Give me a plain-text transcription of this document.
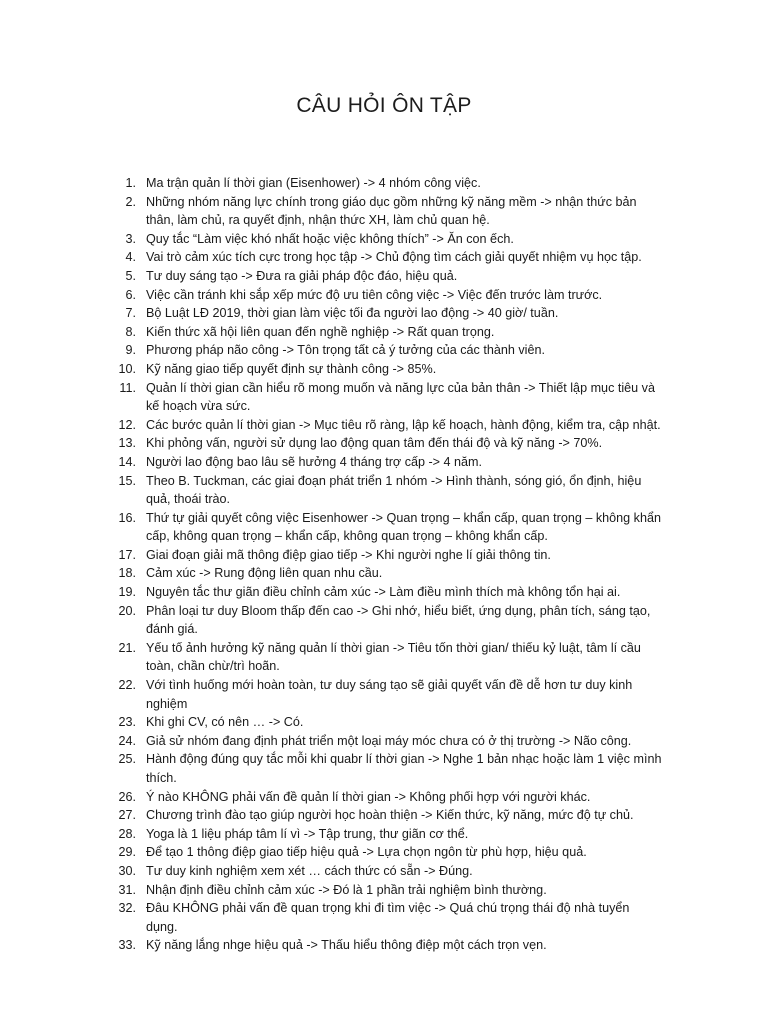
CÂU HỎI ÔN TẬP
1. Ma trận quản lí thời gian (Eisenhower) -> 4 nhóm công việc.
2. Những nhóm năng lực chính trong giáo dục gồm những kỹ năng mềm -> nhận thức bản thân, làm chủ, ra quyết định, nhận thức XH, làm chủ quan hệ.
3. Quy tắc “Làm việc khó nhất hoặc việc không thích” -> Ăn con ếch.
4. Vai trò cảm xúc tích cực trong học tập -> Chủ động tìm cách giải quyết nhiệm vụ học tập.
5. Tư duy sáng tạo -> Đưa ra giải pháp độc đáo, hiệu quả.
6. Việc cần tránh khi sắp xếp mức độ ưu tiên công việc -> Việc đến trước làm trước.
7. Bộ Luật LĐ 2019, thời gian làm việc tối đa người lao động -> 40 giờ/ tuần.
8. Kiến thức xã hội liên quan đến nghề nghiệp -> Rất quan trọng.
9. Phương pháp não công -> Tôn trọng tất cả ý tưởng của các thành viên.
10. Kỹ năng giao tiếp quyết định sự thành công -> 85%.
11. Quản lí thời gian cần hiểu rõ mong muốn và năng lực của bản thân -> Thiết lập mục tiêu và kế hoạch vừa sức.
12. Các bước quản lí thời gian -> Mục tiêu rõ ràng, lập kế hoạch, hành động, kiểm tra, cập nhật.
13. Khi phỏng vấn, người sử dụng lao động quan tâm đến thái độ và kỹ năng -> 70%.
14. Người lao động bao lâu sẽ hưởng 4 tháng trợ cấp -> 4 năm.
15. Theo B. Tuckman, các giai đoạn phát triển 1 nhóm -> Hình thành, sóng gió, ổn định, hiệu quả, thoái trào.
16. Thứ tự giải quyết công việc Eisenhower -> Quan trọng – khẩn cấp, quan trọng – không khẩn cấp, không quan trọng – khẩn cấp, không quan trọng – không khẩn cấp.
17. Giai đoạn giải mã thông điệp giao tiếp -> Khi người nghe lí giải thông tin.
18. Cảm xúc -> Rung động liên quan nhu cầu.
19. Nguyên tắc thư giãn điều chỉnh cảm xúc -> Làm điều mình thích mà không tổn hại ai.
20. Phân loại tư duy Bloom thấp đến cao -> Ghi nhớ, hiểu biết, ứng dụng, phân tích, sáng tạo, đánh giá.
21. Yếu tố ảnh hưởng kỹ năng quản lí thời gian -> Tiêu tốn thời gian/ thiếu kỷ luật, tâm lí cầu toàn, chần chừ/trì hoãn.
22. Với tình huống mới hoàn toàn, tư duy sáng tạo sẽ giải quyết vấn đề dễ hơn tư duy kinh nghiệm
23. Khi ghi CV, có nên … -> Có.
24. Giả sử nhóm đang định phát triển một loại máy móc chưa có ở thị trường -> Não công.
25. Hành động đúng quy tắc mỗi khi quabr lí thời gian -> Nghe 1 bản nhạc hoặc làm 1 việc mình thích.
26. Ý nào KHÔNG phải vấn đề quản lí thời gian -> Không phối hợp với người khác.
27. Chương trình đào tạo giúp người học hoàn thiện -> Kiến thức, kỹ năng, mức độ tự chủ.
28. Yoga là 1 liệu pháp tâm lí vì -> Tập trung, thư giãn cơ thể.
29. Để tạo 1 thông điệp giao tiếp hiệu quả -> Lựa chọn ngôn từ phù hợp, hiệu quả.
30. Tư duy kinh nghiệm xem xét … cách thức có sẵn -> Đúng.
31. Nhận định điều chỉnh cảm xúc -> Đó là 1 phần trải nghiệm bình thường.
32. Đâu KHÔNG phải vấn đề quan trọng khi đi tìm việc -> Quá chú trọng thái độ nhà tuyển dụng.
33. Kỹ năng lắng nhge hiệu quả -> Thấu hiểu thông điệp một cách trọn vẹn.
